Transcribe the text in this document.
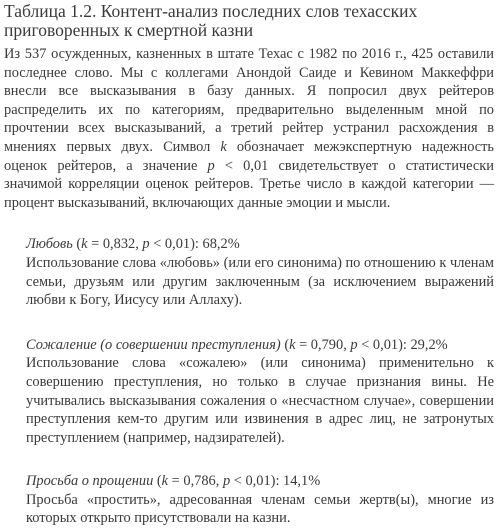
Таблица 1.2. Контент-анализ последних слов техасских
приговоренных к смертной казни

Из 537 осужденных, казненных в штате Техас с 1982 по 2016 г., 425 оставили последнее слово. Мы с коллегами Анондой Саиде и Кевином Маккеффри внесли все высказывания в базу данных. Я попросил двух рейтеров распределить их по категориям, предварительно выделенным мной по прочтении всех высказываний, а третий рейтер устранил расхождения в мнениях первых двух. Символ k обозначает межэкспертную надежность оценок рейтеров, а значение p < 0,01 свидетельствует о статистически значимой корреляции оценок рейтеров. Третье число в каждой категории — процент высказываний, включающих данные эмоции и мысли.

Любовь (k = 0,832, p < 0,01): 68,2%

Использование слова «любовь» (или его синонима) по отношению к членам семьи, друзьям или другим заключенным (за исключением выражений любви к Богу, Иисусу или Аллаху).

Сожаление (о совершении преступления) (k = 0,790, p < 0,01): 29,2%

Использование слова «сожалею» (или синонима) применительно к совершению преступления, но только в случае признания вины. Не учитывались высказывания сожаления о «несчастном случае», совершении преступления кем-то другим или извинения в адрес лиц, не затронутых преступлением (например, надзирателей).

Просьба о прощении (k = 0,786, p < 0,01): 14,1%

Просьба «простить», адресованная членам семьи жертв(ы), многие из которых открыто присутствовали на казни.
